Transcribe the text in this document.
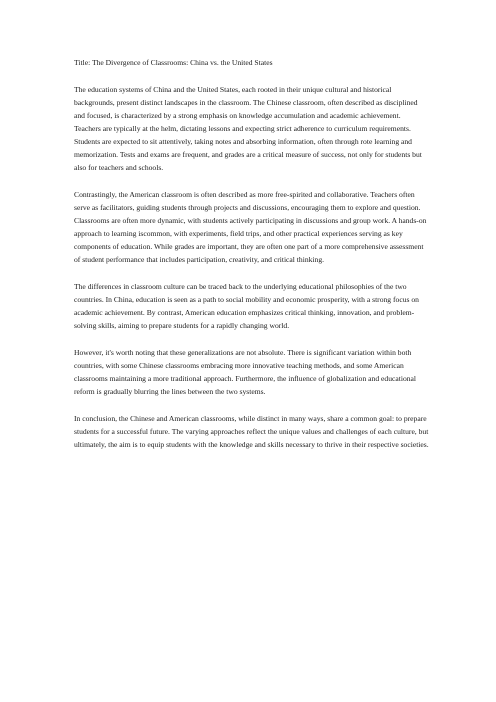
Title: The Divergence of Classrooms: China vs. the United States

The education systems of China and the United States, each rooted in their unique cultural and historical backgrounds, present distinct landscapes in the classroom. The Chinese classroom, often described as disciplined and focused, is characterized by a strong emphasis on knowledge accumulation and academic achievement. Teachers are typically at the helm, dictating lessons and expecting strict adherence to curriculum requirements. Students are expected to sit attentively, taking notes and absorbing information, often through rote learning and memorization. Tests and exams are frequent, and grades are a critical measure of success, not only for students but also for teachers and schools.

Contrastingly, the American classroom is often described as more free-spirited and collaborative. Teachers often serve as facilitators, guiding students through projects and discussions, encouraging them to explore and question. Classrooms are often more dynamic, with students actively participating in discussions and group work. A hands-on approach to learning iscommon, with experiments, field trips, and other practical experiences serving as key components of education. While grades are important, they are often one part of a more comprehensive assessment of student performance that includes participation, creativity, and critical thinking.

The differences in classroom culture can be traced back to the underlying educational philosophies of the two countries. In China, education is seen as a path to social mobility and economic prosperity, with a strong focus on academic achievement. By contrast, American education emphasizes critical thinking, innovation, and problem-solving skills, aiming to prepare students for a rapidly changing world.

However, it's worth noting that these generalizations are not absolute. There is significant variation within both countries, with some Chinese classrooms embracing more innovative teaching methods, and some American classrooms maintaining a more traditional approach. Furthermore, the influence of globalization and educational reform is gradually blurring the lines between the two systems.

In conclusion, the Chinese and American classrooms, while distinct in many ways, share a common goal: to prepare students for a successful future. The varying approaches reflect the unique values and challenges of each culture, but ultimately, the aim is to equip students with the knowledge and skills necessary to thrive in their respective societies.
